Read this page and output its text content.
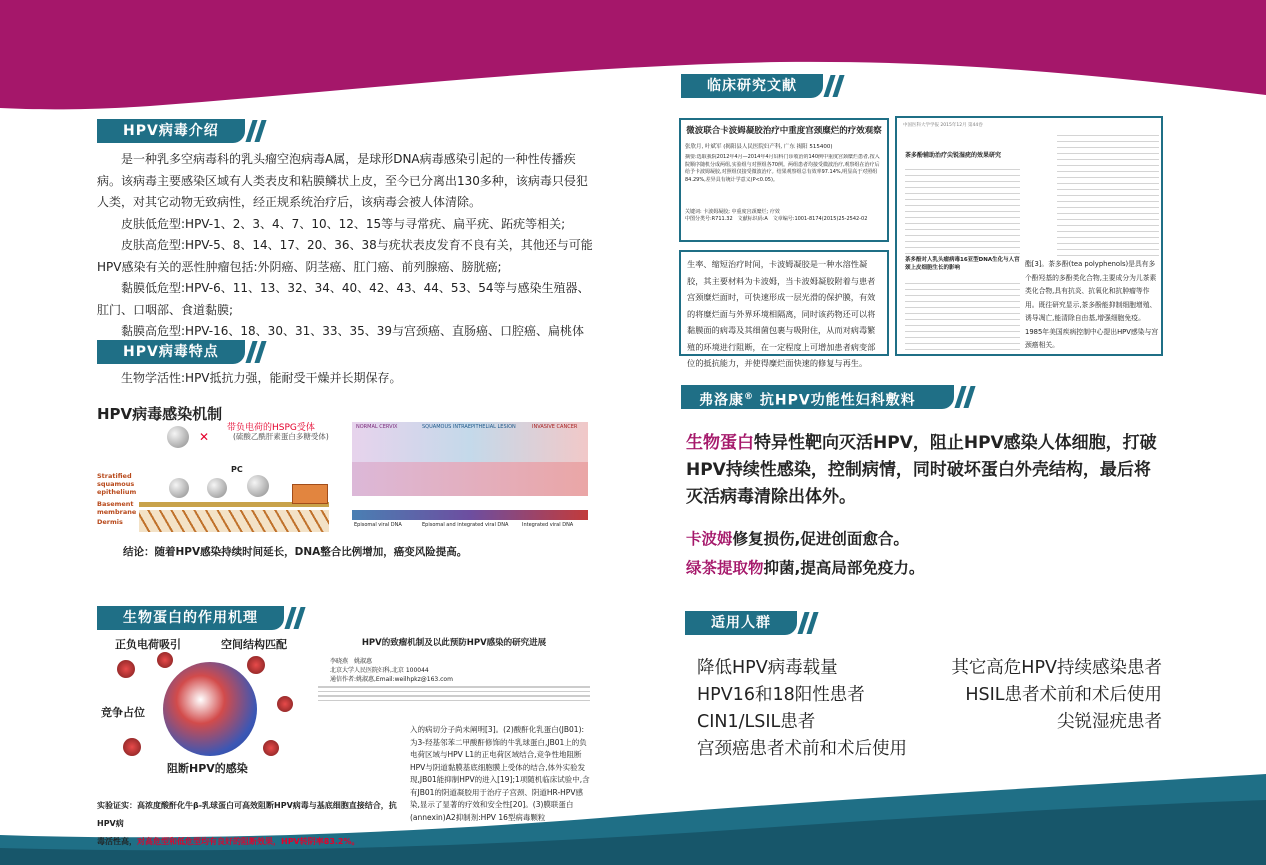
HPV病毒介绍

是一种乳多空病毒科的乳头瘤空泡病毒A属，是球形DNA病毒感染引起的一种性传播疾病。该病毒主要感染区域有人类表皮和粘膜鳞状上皮，至今已分离出130多种，该病毒只侵犯人类，对其它动物无致病性，经正规系统治疗后，该病毒会被人体清除。

皮肤低危型:HPV-1、2、3、4、7、10、12、15等与寻常疣、扁平疣、跖疣等相关;

皮肤高危型:HPV-5、8、14、17、20、36、38与疣状表皮发育不良有关，其他还与可能HPV感染有关的恶性肿瘤包括:外阴癌、阴茎癌、肛门癌、前列腺癌、膀胱癌;

黏膜低危型:HPV-6、11、13、32、34、40、42、43、44、53、54等与感染生殖器、肛门、口咽部、食道黏膜;

黏膜高危型:HPV-16、18、30、31、33、35、39与宫颈癌、直肠癌、口腔癌、扁桃体

HPV病毒特点
生物学活性:HPV抵抗力强，能耐受干燥并长期保存。
HPV病毒感染机制
带负电荷的HSPG受体
(硫酸乙酰肝素蛋白多糖受体)
✕
PC
Stratified squamous epithelium
Basement membrane
Dermis
NORMAL CERVIX	SQUAMOUS INTRAEPITHELIAL LESION	INVASIVE CANCER
Episomal viral DNA	Episomal and integrated viral DNA	Integrated viral DNA
结论：随着HPV感染持续时间延长，DNA整合比例增加，癌变风险提高。
生物蛋白的作用机理
正负电荷吸引	空间结构匹配
竞争占位
阻断HPV的感染
HPV的致瘤机制及以此预防HPV感染的研究进展
李晓燕　姚淑惠
北京大学人民医院妇科,北京 100044
通信作者:姚淑惠,Email:weilhpkz@163.com
入的病切分子尚未阐明[3]。(2)酸酐化乳蛋白(JB01):为3-羟基邻苯二甲酸酐修饰的牛乳球蛋白,JB01上的负电荷区域与HPV L1的正电荷区域结合,竞争性地阻断HPV与阴道黏膜基底细胞膜上受体的结合,体外实验发现,JB01能抑制HPV的进入[19];1项随机临床试验中,含有JB01的阴道凝胶用于治疗子宫颈、阴道HR-HPV感染,显示了显著的疗效和安全性[20]。(3)膜联蛋白(annexin)A2抑制剂:HPV 16型病毒颗粒
实验证实：高浓度酸酐化牛β-乳球蛋白可高效阻断HPV病毒与基底细胞直接结合，抗HPV病
毒活性高，对高危型和低危型均有良好的阻断效果，HPV转阴率83.2%。
临床研究文献
微波联合卡波姆凝胶治疗中重度宫颈糜烂的疗效观察
张欣月, 叶斌军 (揭阳县人民医院妇产科, 广东 揭阳 515400)
摘要:选取我院2012年4月—2014年4月妇科门诊收治的140例中重度宫颈糜烂患者,按入院顺序随机分成两组,实验组与对照组各70例。两组患者均接受微波治疗,观察组在治疗后给予卡波姆凝胶,对照组仅接受微波治疗。结果观察组总有效率97.14%,明显高于对照组84.29%,差异具有统计学意义(P<0.05)。
关键词: 卡波姆凝胶; 中重度宫颈糜烂; 疗效
中图分类号:R711.32　文献标识码:A　文章编号:1001-8174(2015)25-2542-02
生率、缩短治疗时间，卡波姆凝胶是一种水溶性凝胶，其主要材料为卡波姆，当卡波姆凝胶附着与患者宫颈糜烂面时，可快速形成一层光滑的保护膜，有效的将糜烂面与外界环境相隔离，同时该药物还可以将黏膜面的病毒及其细菌包裹与吸附住，从而对病毒繁殖的环境进行阻断，在一定程度上可增加患者病变部位的抵抗能力，并使得糜烂面快速的修复与再生。
中国医科大学学报 2015年12月 第44卷
茶多酚辅助治疗尖锐湿疣的效果研究
茶多酚对人乳头瘤病毒16亚型DNA生化与人宫颈上皮细胞生长的影响	酯[3]。茶多酚(tea polyphenols)是具有多个酚羟基的多酚类化合物,主要成分为儿茶素类化合物,具有抗炎、抗氧化和抗肿瘤等作用。既往研究显示,茶多酚能抑制细胞增殖、诱导凋亡,能清除自由基,增强细胞免疫。1985年美国疾病控制中心提出HPV感染与宫颈癌相关。
弗洛康® 抗HPV功能性妇科敷料
生物蛋白特异性靶向灭活HPV，阻止HPV感染人体细胞，打破HPV持续性感染，控制病情，同时破坏蛋白外壳结构，最后将灭活病毒清除出体外。
卡波姆修复损伤,促进创面愈合。
绿茶提取物抑菌,提高局部免疫力。
适用人群
降低HPV病毒载量
HPV16和18阳性患者
CIN1/LSIL患者
宫颈癌患者术前和术后使用
其它高危HPV持续感染患者
HSIL患者术前和术后使用
尖锐湿疣患者
